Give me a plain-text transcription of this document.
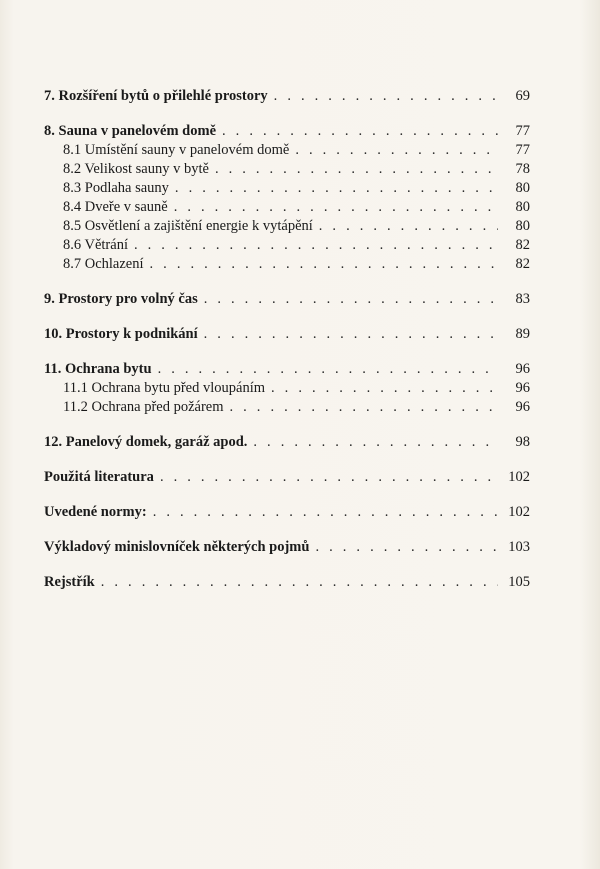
7. Rozšíření bytů o přilehlé prostory . . .	69
8. Sauna v panelovém domě . . .	77
8.1 Umístění sauny v panelovém domě . . .	77
8.2 Velikost sauny v bytě . . .	78
8.3 Podlaha sauny . . .	80
8.4 Dveře v sauně . . .	80
8.5 Osvětlení a zajištění energie k vytápění . . .	80
8.6 Větrání . . .	82
8.7 Ochlazení . . .	82
9. Prostory pro volný čas . . .	83
10. Prostory k podnikání . . .	89
11. Ochrana bytu . . .	96
11.1 Ochrana bytu před vloupáním . . .	96
11.2 Ochrana před požárem . . .	96
12. Panelový domek, garáž apod. . . .	98
Použitá literatura . . .	102
Uvedené normy: . . .	102
Výkladový minislovníček některých pojmů . . .	103
Rejstřík . . .	105
